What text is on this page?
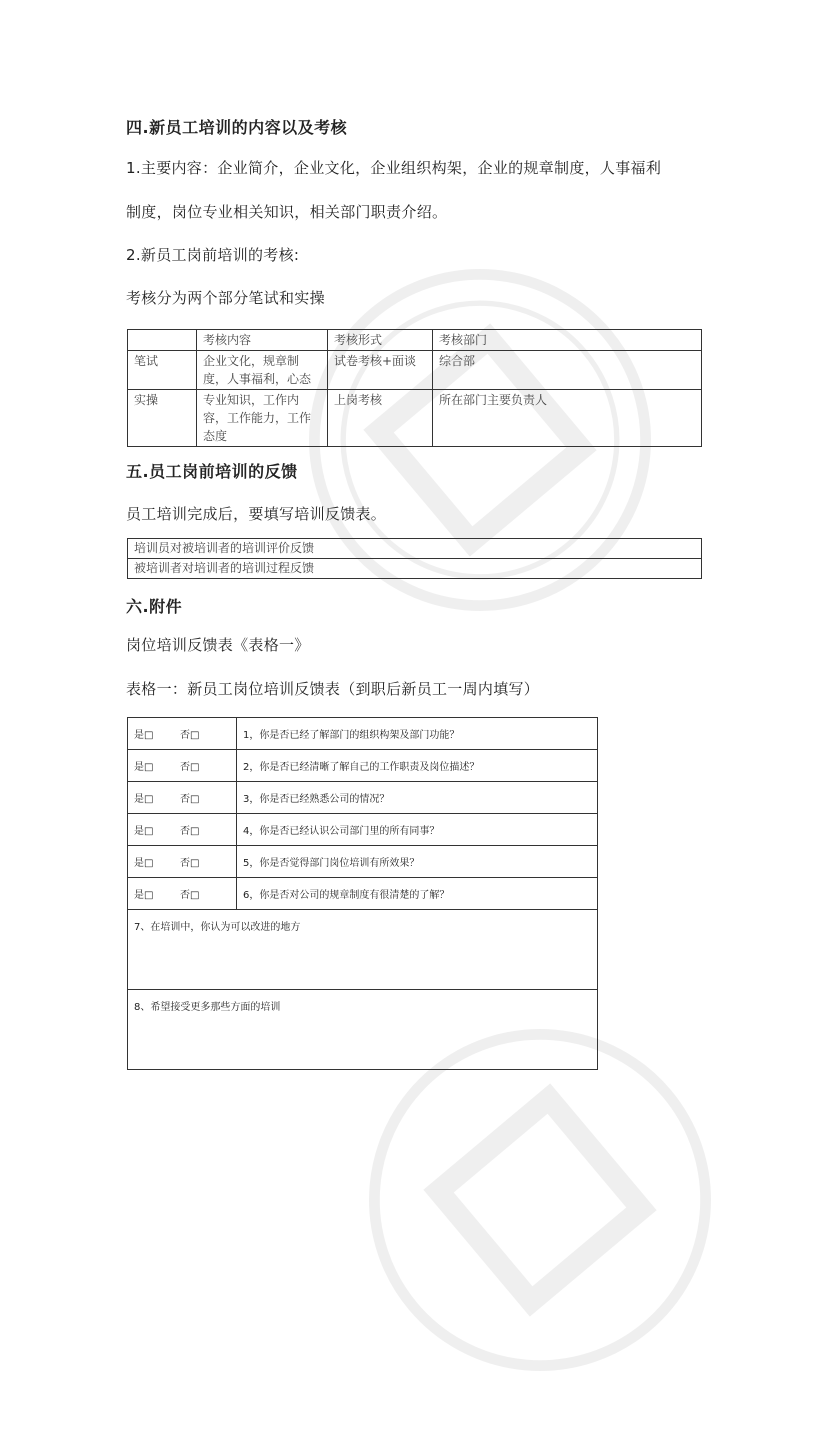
四.新员工培训的内容以及考核

1.主要内容：企业简介，企业文化，企业组织构架，企业的规章制度，人事福利

制度，岗位专业相关知识，相关部门职责介绍。

2.新员工岗前培训的考核:

考核分为两个部分笔试和实操

	考核内容	考核形式	考核部门
笔试	企业文化，规章制度，人事福利，心态	试卷考核+面谈	综合部
实操	专业知识，工作内容，工作能力，工作态度	上岗考核	所在部门主要负责人
五.员工岗前培训的反馈

员工培训完成后，要填写培训反馈表。

培训员对被培训者的培训评价反馈
被培训者对培训者的培训过程反馈
六.附件

岗位培训反馈表《表格一》

表格一：新员工岗位培训反馈表（到职后新员工一周内填写）

是□ 否□	1，你是否已经了解部门的组织构架及部门功能？
是□ 否□	2，你是否已经清晰了解自己的工作职责及岗位描述？
是□ 否□	3，你是否已经熟悉公司的情况？
是□ 否□	4，你是否已经认识公司部门里的所有同事？
是□ 否□	5，你是否觉得部门岗位培训有所效果？
是□ 否□	6，你是否对公司的规章制度有很清楚的了解？
7、在培训中，你认为可以改进的地方	
8、希望接受更多那些方面的培训	
